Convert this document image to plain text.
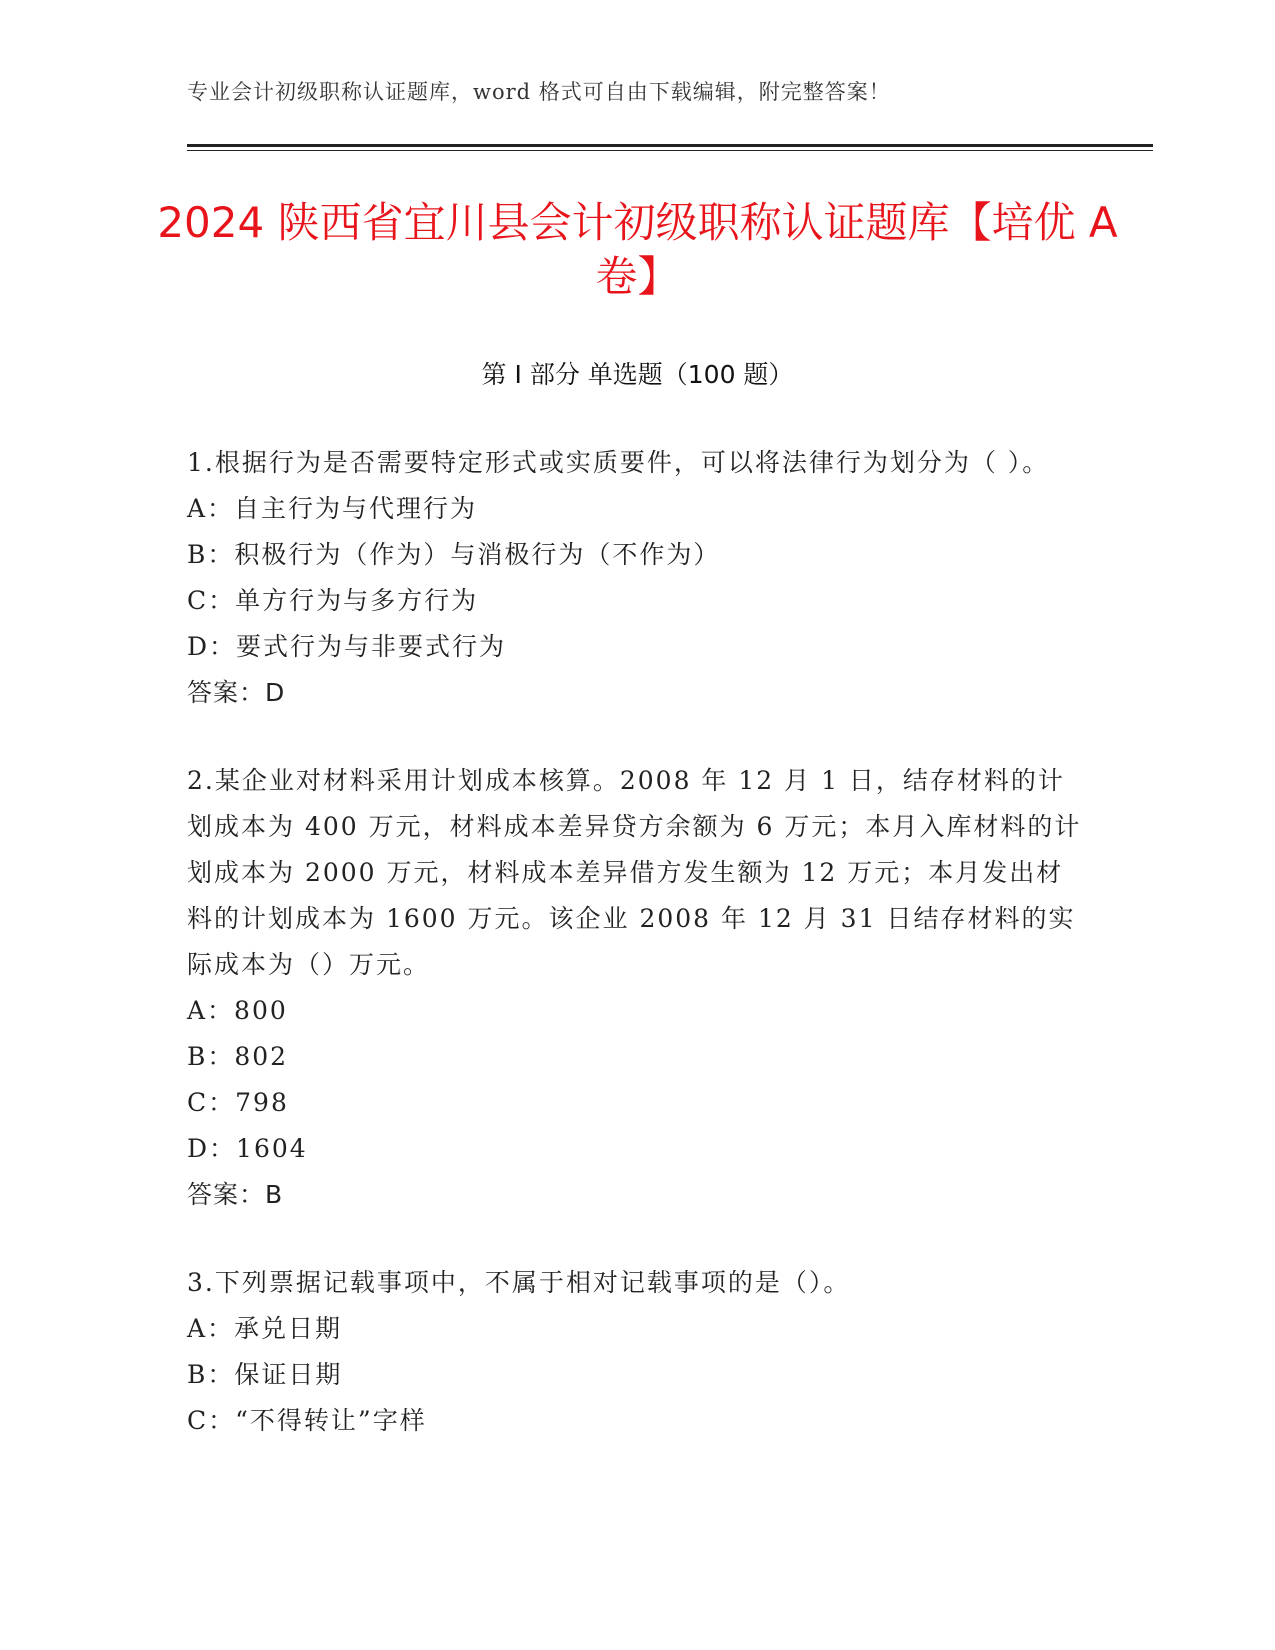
专业会计初级职称认证题库，word 格式可自由下载编辑，附完整答案！
2024 陕西省宜川县会计初级职称认证题库【培优 A 卷】
第 I 部分 单选题（100 题）

1.根据行为是否需要特定形式或实质要件，可以将法律行为划分为（ ）。

A：自主行为与代理行为

B：积极行为（作为）与消极行为（不作为）

C：单方行为与多方行为

D：要式行为与非要式行为

答案：D

2.某企业对材料采用计划成本核算。2008 年 12 月 1 日，结存材料的计划成本为 400 万元，材料成本差异贷方余额为 6 万元；本月入库材料的计划成本为 2000 万元，材料成本差异借方发生额为 12 万元；本月发出材料的计划成本为 1600 万元。该企业 2008 年 12 月 31 日结存材料的实际成本为（）万元。

A：800

B：802

C：798

D：1604

答案：B

3.下列票据记载事项中，不属于相对记载事项的是（）。

A：承兑日期

B：保证日期

C：“不得转让”字样
